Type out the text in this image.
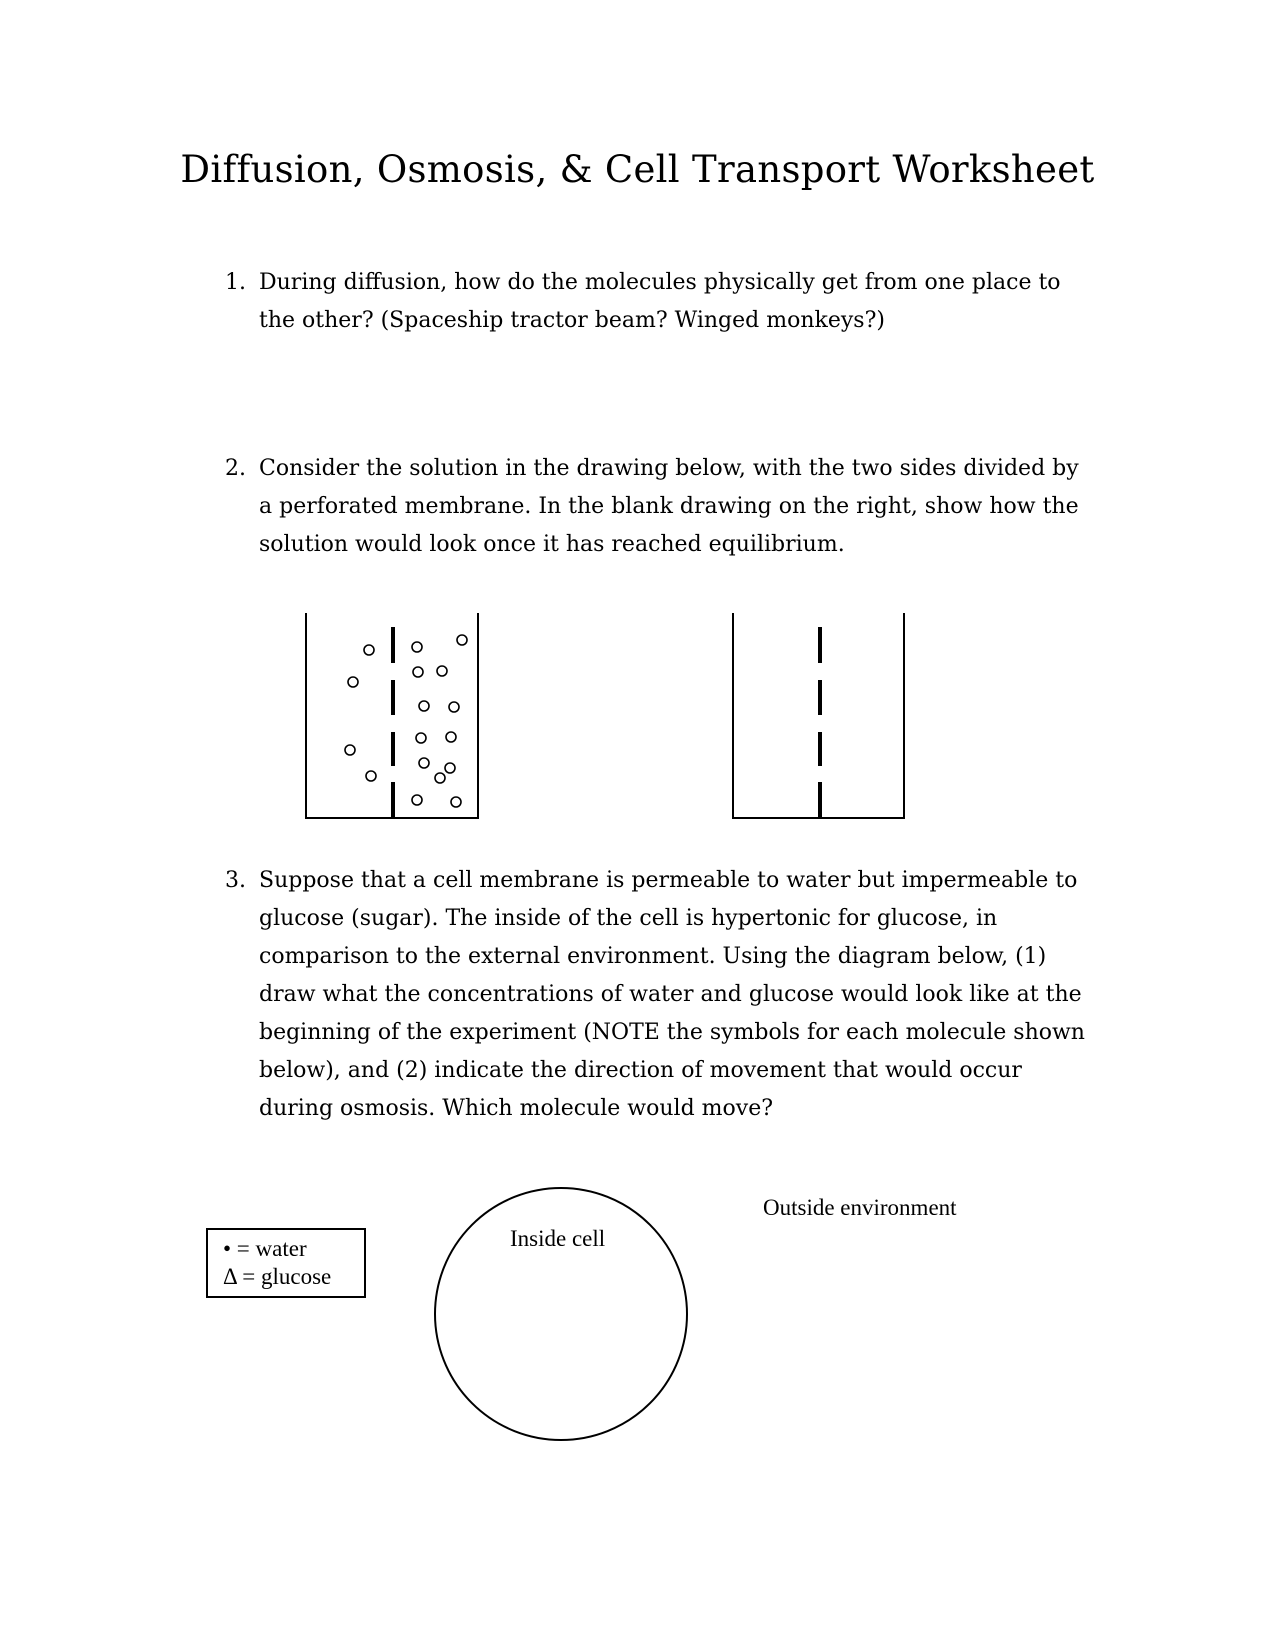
Diffusion, Osmosis, & Cell Transport Worksheet
1. During diffusion, how do the molecules physically get from one place to the other? (Spaceship tractor beam? Winged monkeys?)
2. Consider the solution in the drawing below, with the two sides divided by a perforated membrane. In the blank drawing on the right, show how the solution would look once it has reached equilibrium.
3. Suppose that a cell membrane is permeable to water but impermeable to glucose (sugar). The inside of the cell is hypertonic for glucose, in comparison to the external environment. Using the diagram below, (1) draw what the concentrations of water and glucose would look like at the beginning of the experiment (NOTE the symbols for each molecule shown below), and (2) indicate the direction of movement that would occur during osmosis. Which molecule would move?
• = water
Δ = glucose
Inside cell
Outside environment
